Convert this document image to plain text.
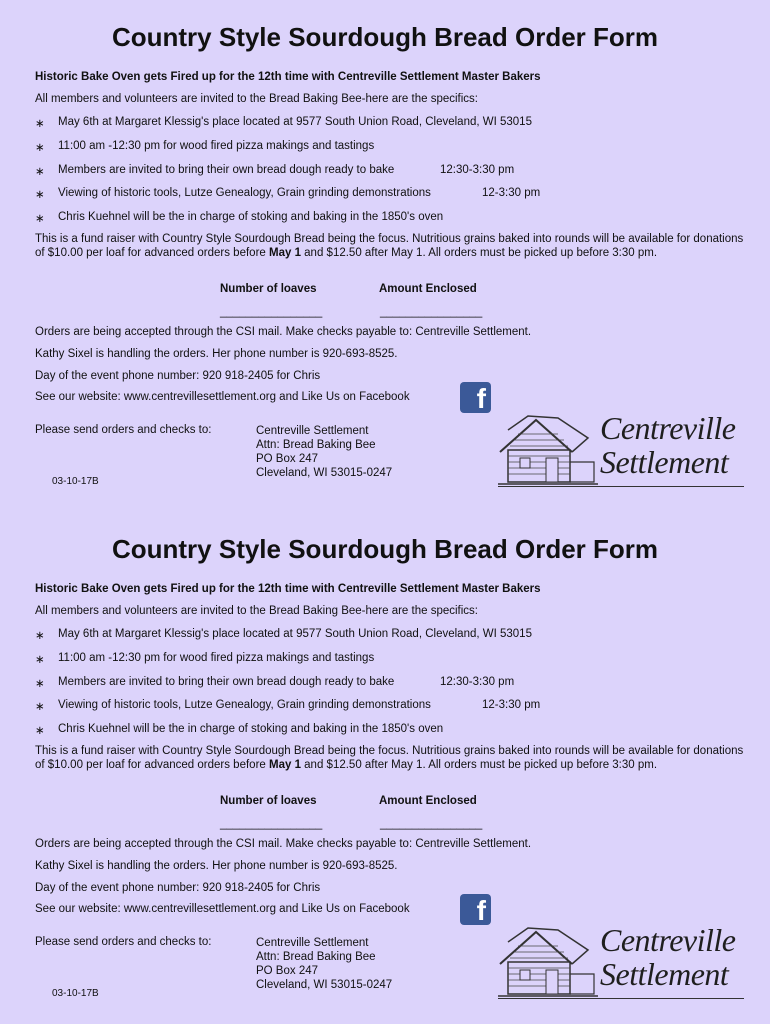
Country Style Sourdough Bread Order Form
Historic Bake Oven gets Fired up for the 12th time with Centreville Settlement Master Bakers
All members and volunteers are invited to the Bread Baking Bee-here are the specifics:
∗ May 6th at Margaret Klessig's place located at 9577 South Union Road, Cleveland, WI 53015
∗ 11:00 am -12:30 pm for wood fired pizza makings and tastings
∗ Members are invited to bring their own bread dough ready to bake	12:30-3:30 pm
∗ Viewing of historic tools, Lutze Genealogy, Grain grinding demonstrations	12-3:30 pm
∗ Chris Kuehnel will be the in charge of stoking and baking in the 1850's oven
This is a fund raiser with Country Style Sourdough Bread being the focus. Nutritious grains baked into rounds will be available for donations of $10.00 per loaf for advanced orders before May 1 and $12.50 after May 1. All orders must be picked up before 3:30 pm.
Number of loaves	Amount Enclosed
________________	________________
Orders are being accepted through the CSI mail. Make checks payable to: Centreville Settlement.
Kathy Sixel is handling the orders. Her phone number is 920-693-8525.
Day of the event phone number: 920 918-2405 for Chris
See our website: www.centrevillesettlement.org and Like Us on Facebook f
Please send orders and checks to:	Centreville Settlement
Attn: Bread Baking Bee
PO Box 247
Cleveland, WI 53015-0247
Centreville
Settlement
03-10-17B
Country Style Sourdough Bread Order Form
Historic Bake Oven gets Fired up for the 12th time with Centreville Settlement Master Bakers
All members and volunteers are invited to the Bread Baking Bee-here are the specifics:
∗ May 6th at Margaret Klessig's place located at 9577 South Union Road, Cleveland, WI 53015
∗ 11:00 am -12:30 pm for wood fired pizza makings and tastings
∗ Members are invited to bring their own bread dough ready to bake	12:30-3:30 pm
∗ Viewing of historic tools, Lutze Genealogy, Grain grinding demonstrations	12-3:30 pm
∗ Chris Kuehnel will be the in charge of stoking and baking in the 1850's oven
This is a fund raiser with Country Style Sourdough Bread being the focus. Nutritious grains baked into rounds will be available for donations of $10.00 per loaf for advanced orders before May 1 and $12.50 after May 1. All orders must be picked up before 3:30 pm.
Number of loaves	Amount Enclosed
________________	________________
Orders are being accepted through the CSI mail. Make checks payable to: Centreville Settlement.
Kathy Sixel is handling the orders. Her phone number is 920-693-8525.
Day of the event phone number: 920 918-2405 for Chris
See our website: www.centrevillesettlement.org and Like Us on Facebook f
Please send orders and checks to:	Centreville Settlement
Attn: Bread Baking Bee
PO Box 247
Cleveland, WI 53015-0247
Centreville
Settlement
03-10-17B
